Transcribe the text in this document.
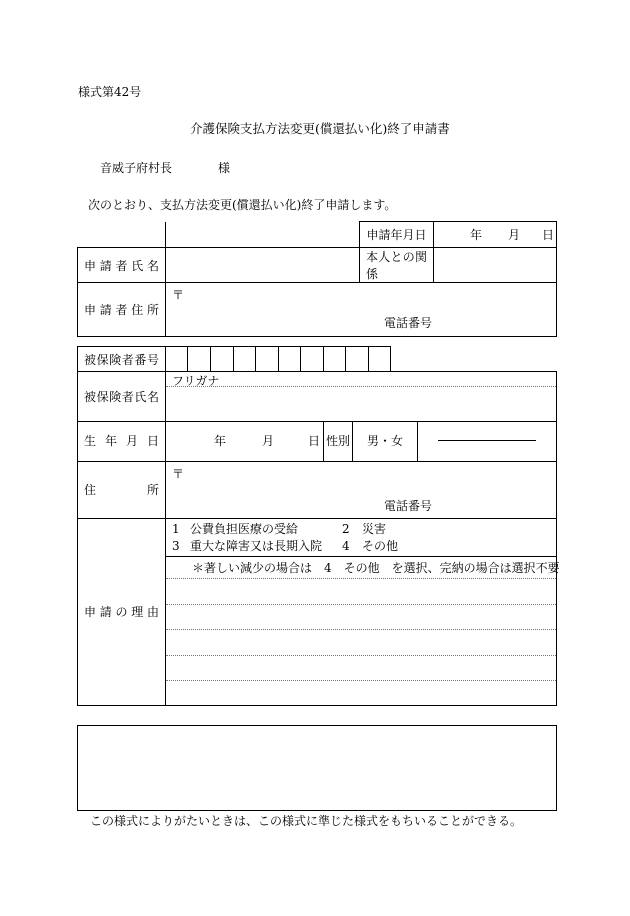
様式第42号
介護保険支払方法変更(償還払い化)終了申請書
音威子府村長	様
次のとおり、支払方法変更(償還払い化)終了申請します。
		申請年月日	年 月 日

申請者氏名		本人との関係	
申請者住所	〒
電話番号		
被保険者番号											
被保険者氏名	フリガナ										
生年月日	年 月 日	性別	男・女	

住所	〒
電話番号			
申請の理由	
1 公費負担医療の受給	2 災害
3 重大な障害又は長期入院 4 その他
＊著しい減少の場合は　4　その他　を選択、完納の場合は選択不要
この様式によりがたいときは、この様式に準じた様式をもちいることができる。
